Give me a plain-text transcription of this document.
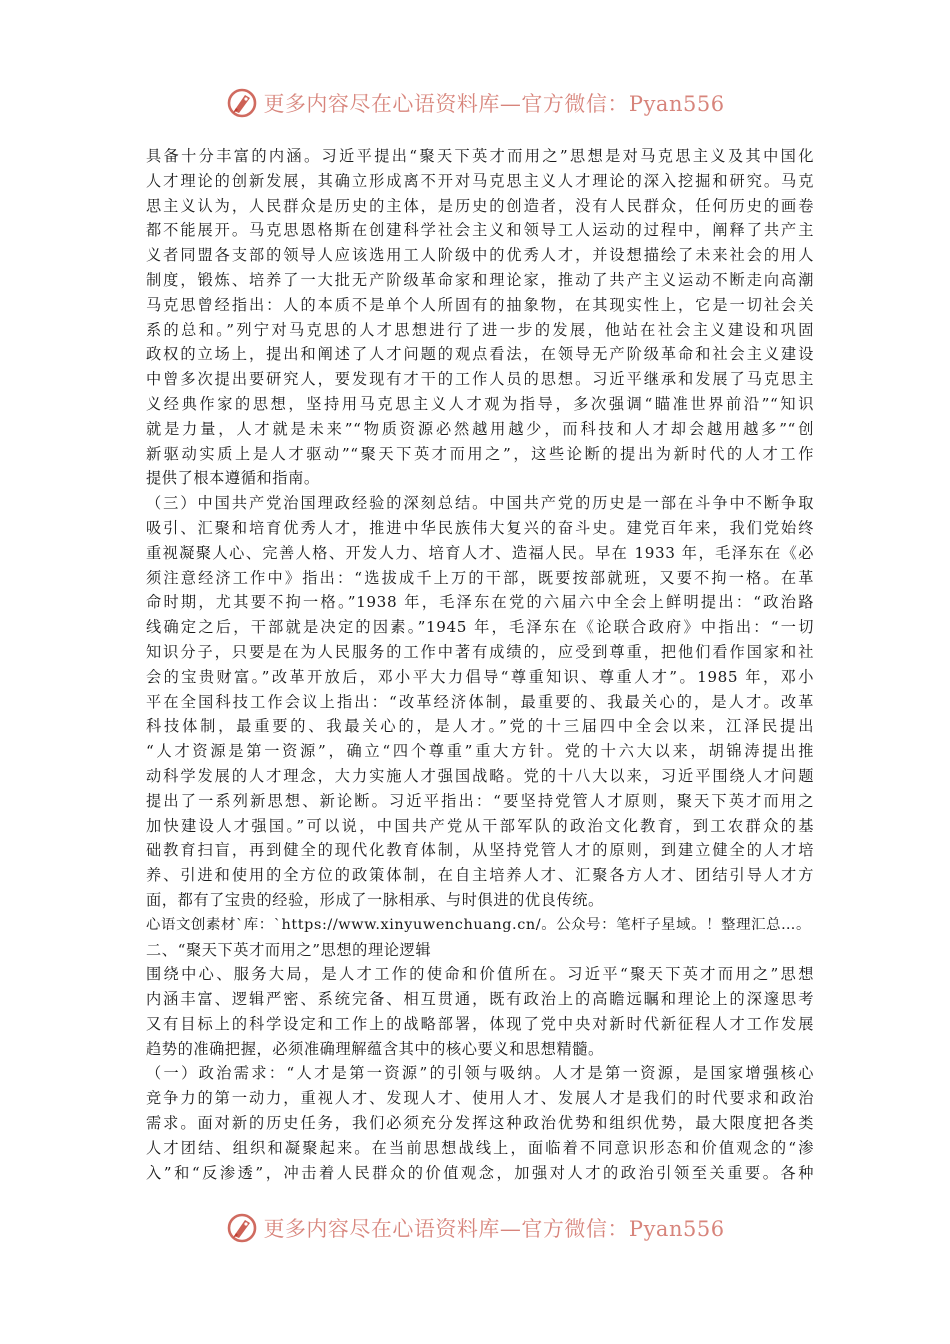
更多内容尽在心语资料库—官方微信：Pyan556
具备十分丰富的内涵。习近平提出“聚天下英才而用之”思想是对马克思主义及其中国化
人才理论的创新发展，其确立形成离不开对马克思主义人才理论的深入挖掘和研究。马克
思主义认为，人民群众是历史的主体，是历史的创造者，没有人民群众，任何历史的画卷
都不能展开。马克思恩格斯在创建科学社会主义和领导工人运动的过程中，阐释了共产主
义者同盟各支部的领导人应该选用工人阶级中的优秀人才，并设想描绘了未来社会的用人
制度，锻炼、培养了一大批无产阶级革命家和理论家，推动了共产主义运动不断走向高潮
马克思曾经指出：人的本质不是单个人所固有的抽象物，在其现实性上，它是一切社会关
系的总和。”列宁对马克思的人才思想进行了进一步的发展，他站在社会主义建设和巩固
政权的立场上，提出和阐述了人才问题的观点看法，在领导无产阶级革命和社会主义建设
中曾多次提出要研究人，要发现有才干的工作人员的思想。习近平继承和发展了马克思主
义经典作家的思想，坚持用马克思主义人才观为指导，多次强调“瞄准世界前沿”“知识
就是力量，人才就是未来”“物质资源必然越用越少，而科技和人才却会越用越多”“创
新驱动实质上是人才驱动”“聚天下英才而用之”，这些论断的提出为新时代的人才工作
提供了根本遵循和指南。
（三）中国共产党治国理政经验的深刻总结。中国共产党的历史是一部在斗争中不断争取
吸引、汇聚和培育优秀人才，推进中华民族伟大复兴的奋斗史。建党百年来，我们党始终
重视凝聚人心、完善人格、开发人力、培育人才、造福人民。早在 1933 年，毛泽东在《必
须注意经济工作中》指出：“选拔成千上万的干部，既要按部就班，又要不拘一格。在革
命时期，尤其要不拘一格。”1938 年，毛泽东在党的六届六中全会上鲜明提出：“政治路
线确定之后，干部就是决定的因素。”1945 年，毛泽东在《论联合政府》中指出：“一切
知识分子，只要是在为人民服务的工作中著有成绩的，应受到尊重，把他们看作国家和社
会的宝贵财富。”改革开放后，邓小平大力倡导“尊重知识、尊重人才”。1985 年，邓小
平在全国科技工作会议上指出：“改革经济体制，最重要的、我最关心的，是人才。改革
科技体制，最重要的、我最关心的，是人才。”党的十三届四中全会以来，江泽民提出
“人才资源是第一资源”，确立“四个尊重”重大方针。党的十六大以来，胡锦涛提出推
动科学发展的人才理念，大力实施人才强国战略。党的十八大以来，习近平围绕人才问题
提出了一系列新思想、新论断。习近平指出：“要坚持党管人才原则，聚天下英才而用之
加快建设人才强国。”可以说，中国共产党从干部军队的政治文化教育，到工农群众的基
础教育扫盲，再到健全的现代化教育体制，从坚持党管人才的原则，到建立健全的人才培
养、引进和使用的全方位的政策体制，在自主培养人才、汇聚各方人才、团结引导人才方
面，都有了宝贵的经验，形成了一脉相承、与时俱进的优良传统。
心语文创素材`库：`https://www.xinyuwenchuang.cn/。公众号：笔杆子星域。！整理汇总…。
二、“聚天下英才而用之”思想的理论逻辑
围绕中心、服务大局，是人才工作的使命和价值所在。习近平“聚天下英才而用之”思想
内涵丰富、逻辑严密、系统完备、相互贯通，既有政治上的高瞻远瞩和理论上的深邃思考
又有目标上的科学设定和工作上的战略部署，体现了党中央对新时代新征程人才工作发展
趋势的准确把握，必须准确理解蕴含其中的核心要义和思想精髓。
（一）政治需求：“人才是第一资源”的引领与吸纳。人才是第一资源，是国家增强核心
竞争力的第一动力，重视人才、发现人才、使用人才、发展人才是我们的时代要求和政治
需求。面对新的历史任务，我们必须充分发挥这种政治优势和组织优势，最大限度把各类
人才团结、组织和凝聚起来。在当前思想战线上，面临着不同意识形态和价值观念的“渗
入”和“反渗透”，冲击着人民群众的价值观念，加强对人才的政治引领至关重要。各种
更多内容尽在心语资料库—官方微信：Pyan556
